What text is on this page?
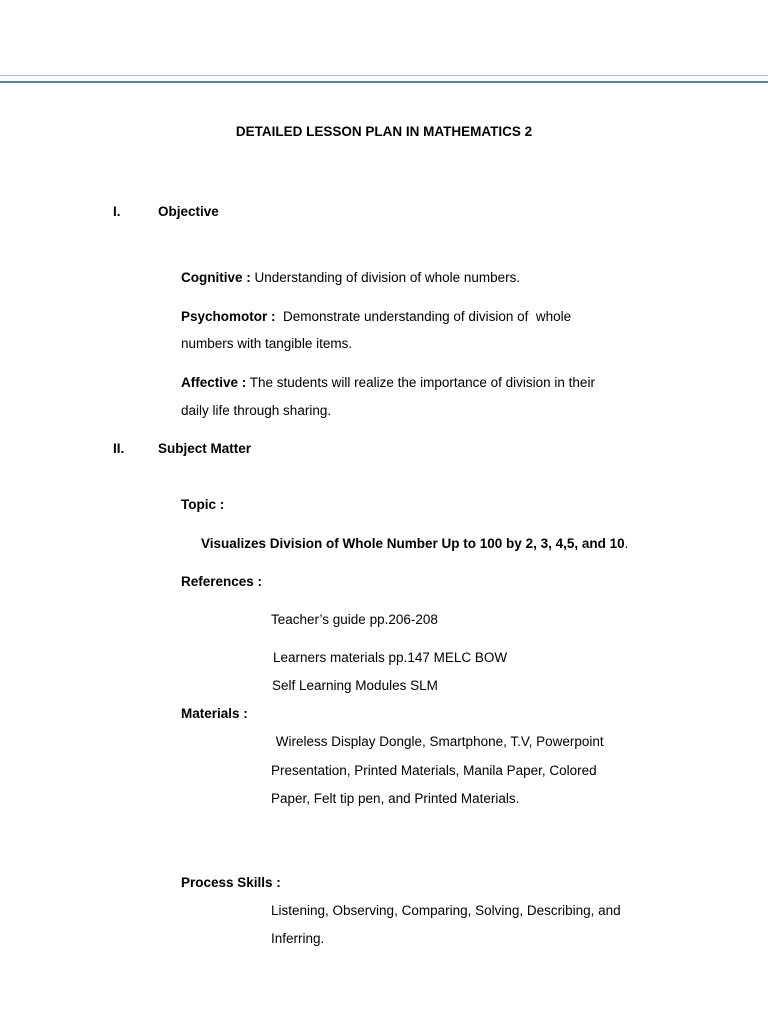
DETAILED LESSON PLAN IN MATHEMATICS 2
I.	Objective
Cognitive : Understanding of division of whole numbers.
Psychomotor :  Demonstrate understanding of division of  whole
numbers with tangible items.
Affective : The students will realize the importance of division in their
daily life through sharing.
II. Subject Matter
Topic :
Visualizes Division of Whole Number Up to 100 by 2, 3, 4,5, and 10.
References :
Teacher’s guide pp.206-208
Learners materials pp.147 MELC BOW
Self Learning Modules SLM
Materials :
Wireless Display Dongle, Smartphone, T.V, Powerpoint
Presentation, Printed Materials, Manila Paper, Colored
Paper, Felt tip pen, and Printed Materials.
Process Skills :
Listening, Observing, Comparing, Solving, Describing, and
Inferring.
